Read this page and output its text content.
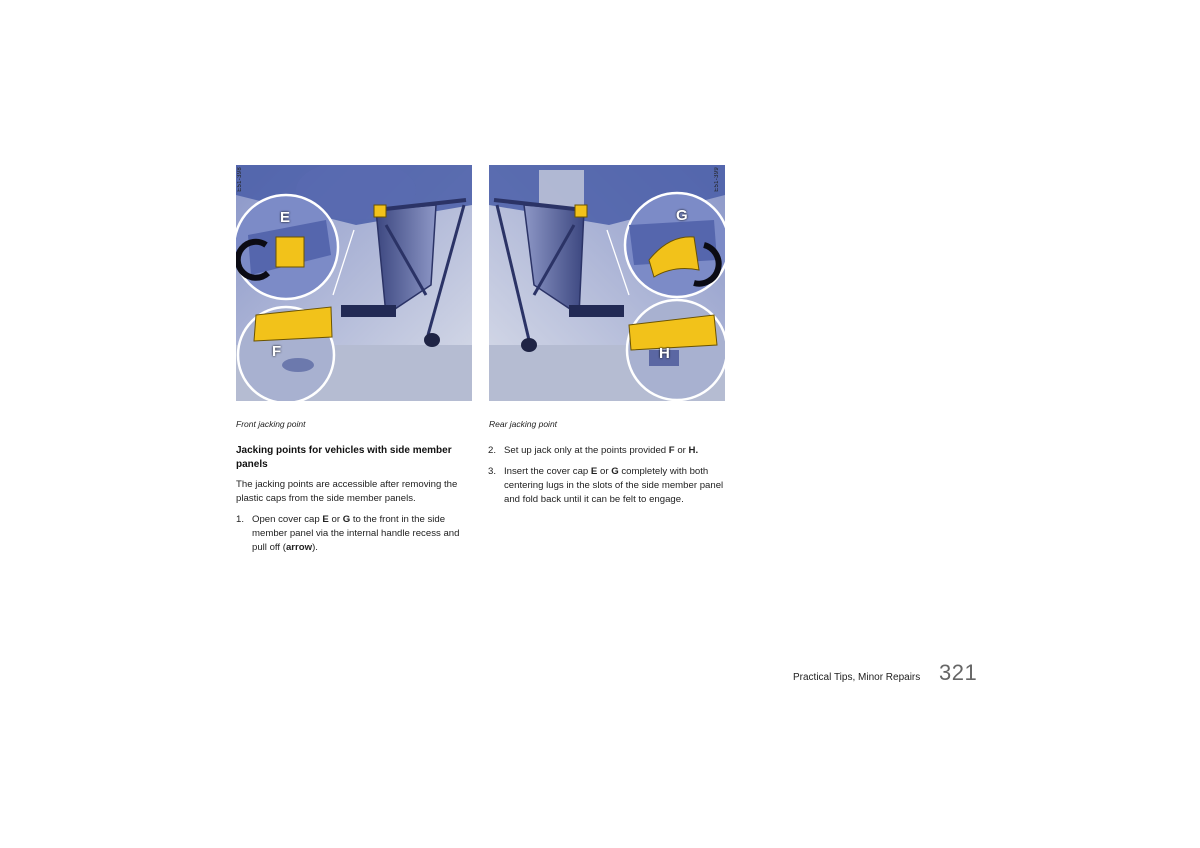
E51-398
E
F
E51-399
G
H
Front jacking point	Rear jacking point
Jacking points for vehicles with side member panels
The jacking points are accessible after removing the plastic caps from the side member panels.
1. Open cover cap E or G to the front in the side member panel via the internal handle recess and pull off (arrow).
2. Set up jack only at the points provided F or H.
3. Insert the cover cap E or G completely with both centering lugs in the slots of the side member panel and fold back until it can be felt to engage.
Practical Tips, Minor Repairs 321
